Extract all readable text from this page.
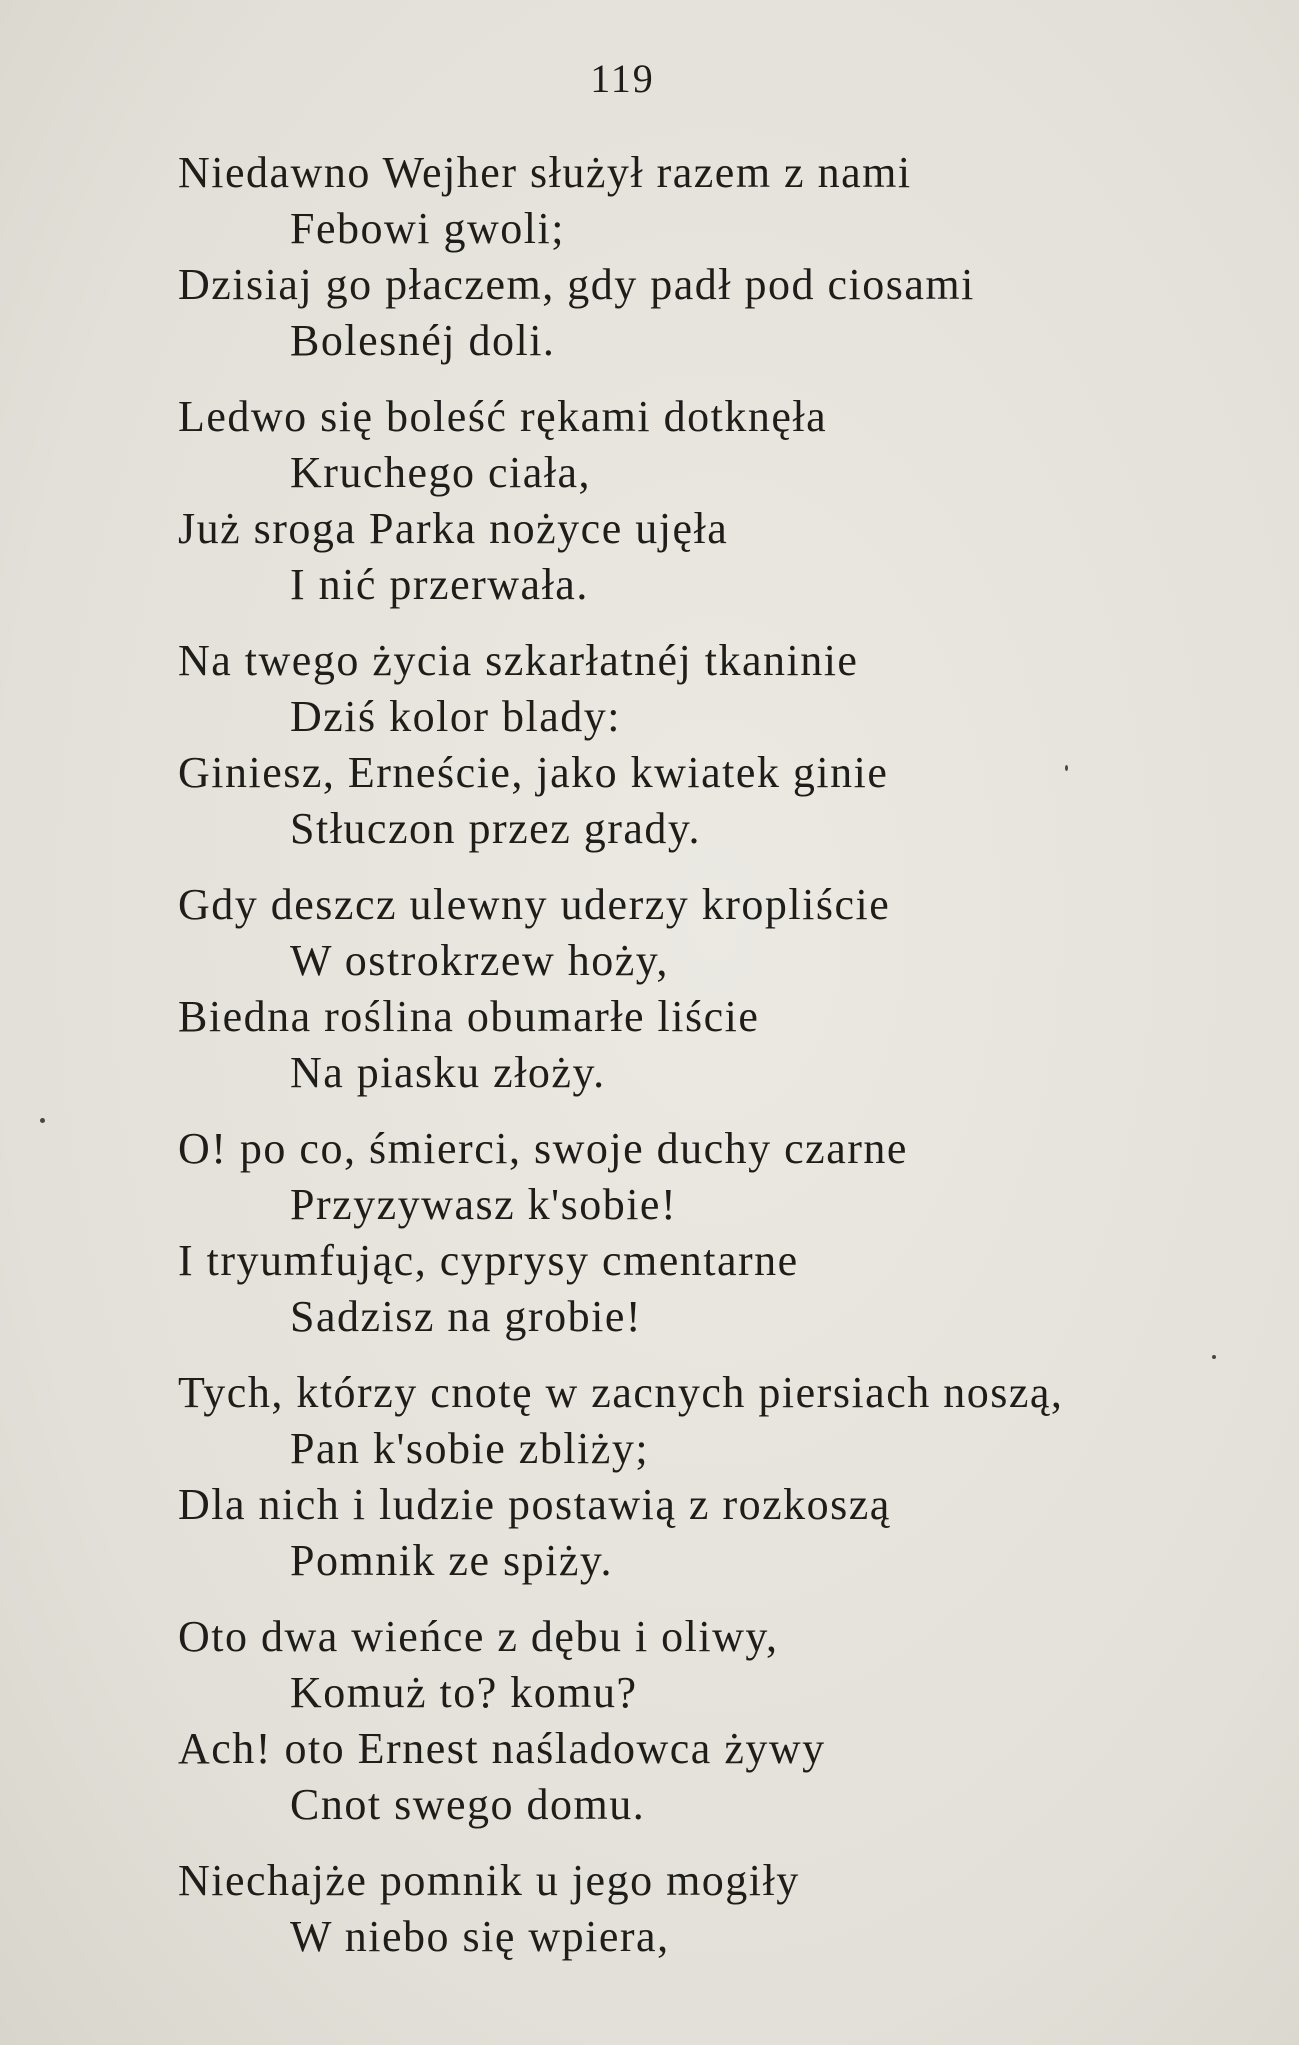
119
Niedawno Wejher służył razem z nami
Febowi gwoli;
Dzisiaj go płaczem, gdy padł pod ciosami
Bolesnéj doli.
Ledwo się boleść rękami dotknęła
Kruchego ciała,
Już sroga Parka nożyce ujęła
I nić przerwała.
Na twego życia szkarłatnéj tkaninie
Dziś kolor blady:
Giniesz, Erneście, jako kwiatek ginie
Stłuczon przez grady.
Gdy deszcz ulewny uderzy kropliście
W ostrokrzew hoży,
Biedna roślina obumarłe liście
Na piasku złoży.
O! po co, śmierci, swoje duchy czarne
Przyzywasz k'sobie!
I tryumfując, cyprysy cmentarne
Sadzisz na grobie!
Tych, którzy cnotę w zacnych piersiach noszą,
Pan k'sobie zbliży;
Dla nich i ludzie postawią z rozkoszą
Pomnik ze spiży.
Oto dwa wieńce z dębu i oliwy,
Komuż to? komu?
Ach! oto Ernest naśladowca żywy
Cnot swego domu.
Niechajże pomnik u jego mogiły
W niebo się wpiera,
